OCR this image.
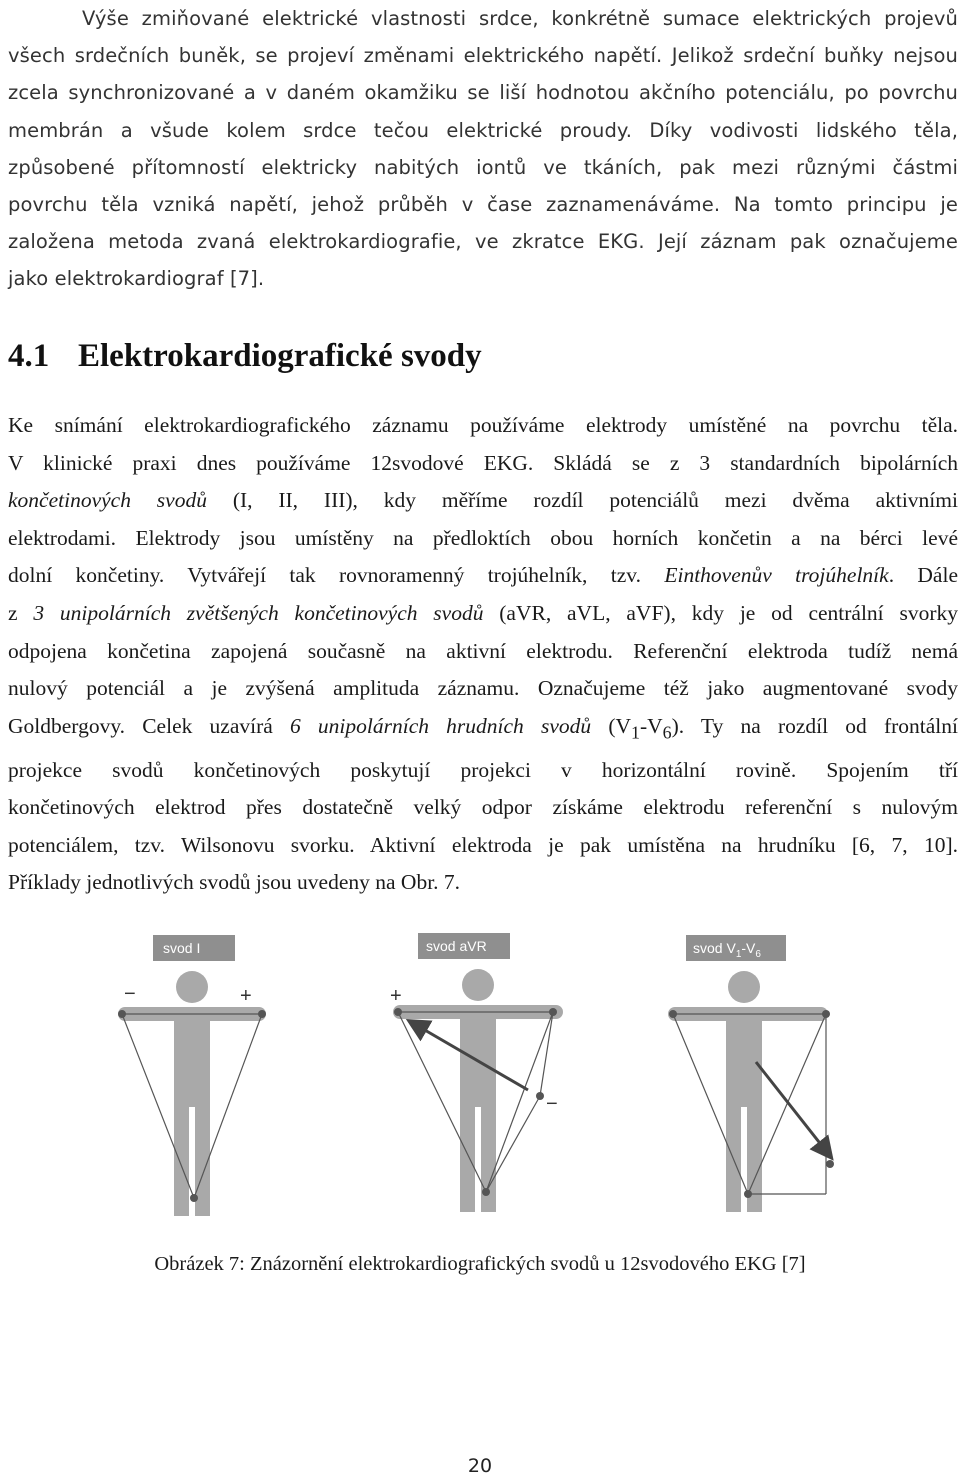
Výše zmiňované elektrické vlastnosti srdce, konkrétně sumace elektrických projevů
všech srdečních buněk, se projeví změnami elektrického napětí. Jelikož srdeční buňky nejsou
zcela synchronizované a v daném okamžiku se liší hodnotou akčního potenciálu, po povrchu
membrán a všude kolem srdce tečou elektrické proudy. Díky vodivosti lidského těla,
způsobené přítomností elektricky nabitých iontů ve tkáních, pak mezi různými částmi
povrchu těla vzniká napětí, jehož průběh v čase zaznamenáváme. Na tomto principu je
založena metoda zvaná elektrokardiografie, ve zkratce EKG. Její záznam pak označujeme
jako elektrokardiograf [7].
4.1 Elektrokardiografické svody
Ke snímání elektrokardiografického záznamu používáme elektrody umístěné na povrchu těla.
V klinické praxi dnes používáme 12svodové EKG. Skládá se z 3 standardních bipolárních
končetinových svodů (I, II, III), kdy měříme rozdíl potenciálů mezi dvěma aktivními
elektrodami. Elektrody jsou umístěny na předloktích obou horních končetin a na bérci levé
dolní končetiny. Vytvářejí tak rovnoramenný trojúhelník, tzv. Einthovenův trojúhelník. Dále
z 3 unipolárních zvětšených končetinových svodů (aVR, aVL, aVF), kdy je od centrální svorky
odpojena končetina zapojená současně na aktivní elektrodu. Referenční elektroda tudíž nemá
nulový potenciál a je zvýšená amplituda záznamu. Označujeme též jako augmentované svody
Goldbergovy. Celek uzavírá 6 unipolárních hrudních svodů $(V_1-V_6)$. Ty na rozdíl od frontální
projekce svodů končetinových poskytují projekci v horizontální rovině. Spojením tří
končetinových elektrod přes dostatečně velký odpor získáme elektrodu referenční s nulovým
potenciálem, tzv. Wilsonovu svorku. Aktivní elektroda je pak umístěna na hrudníku [6, 7, 10].
Příklady jednotlivých svodů jsou uvedeny na Obr. 7.
svod I
−	+
svod aVR
+
−
svod $V_1-V_6$
Obrázek 7: Znázornění elektrokardiografických svodů u 12svodového EKG [7]
20
